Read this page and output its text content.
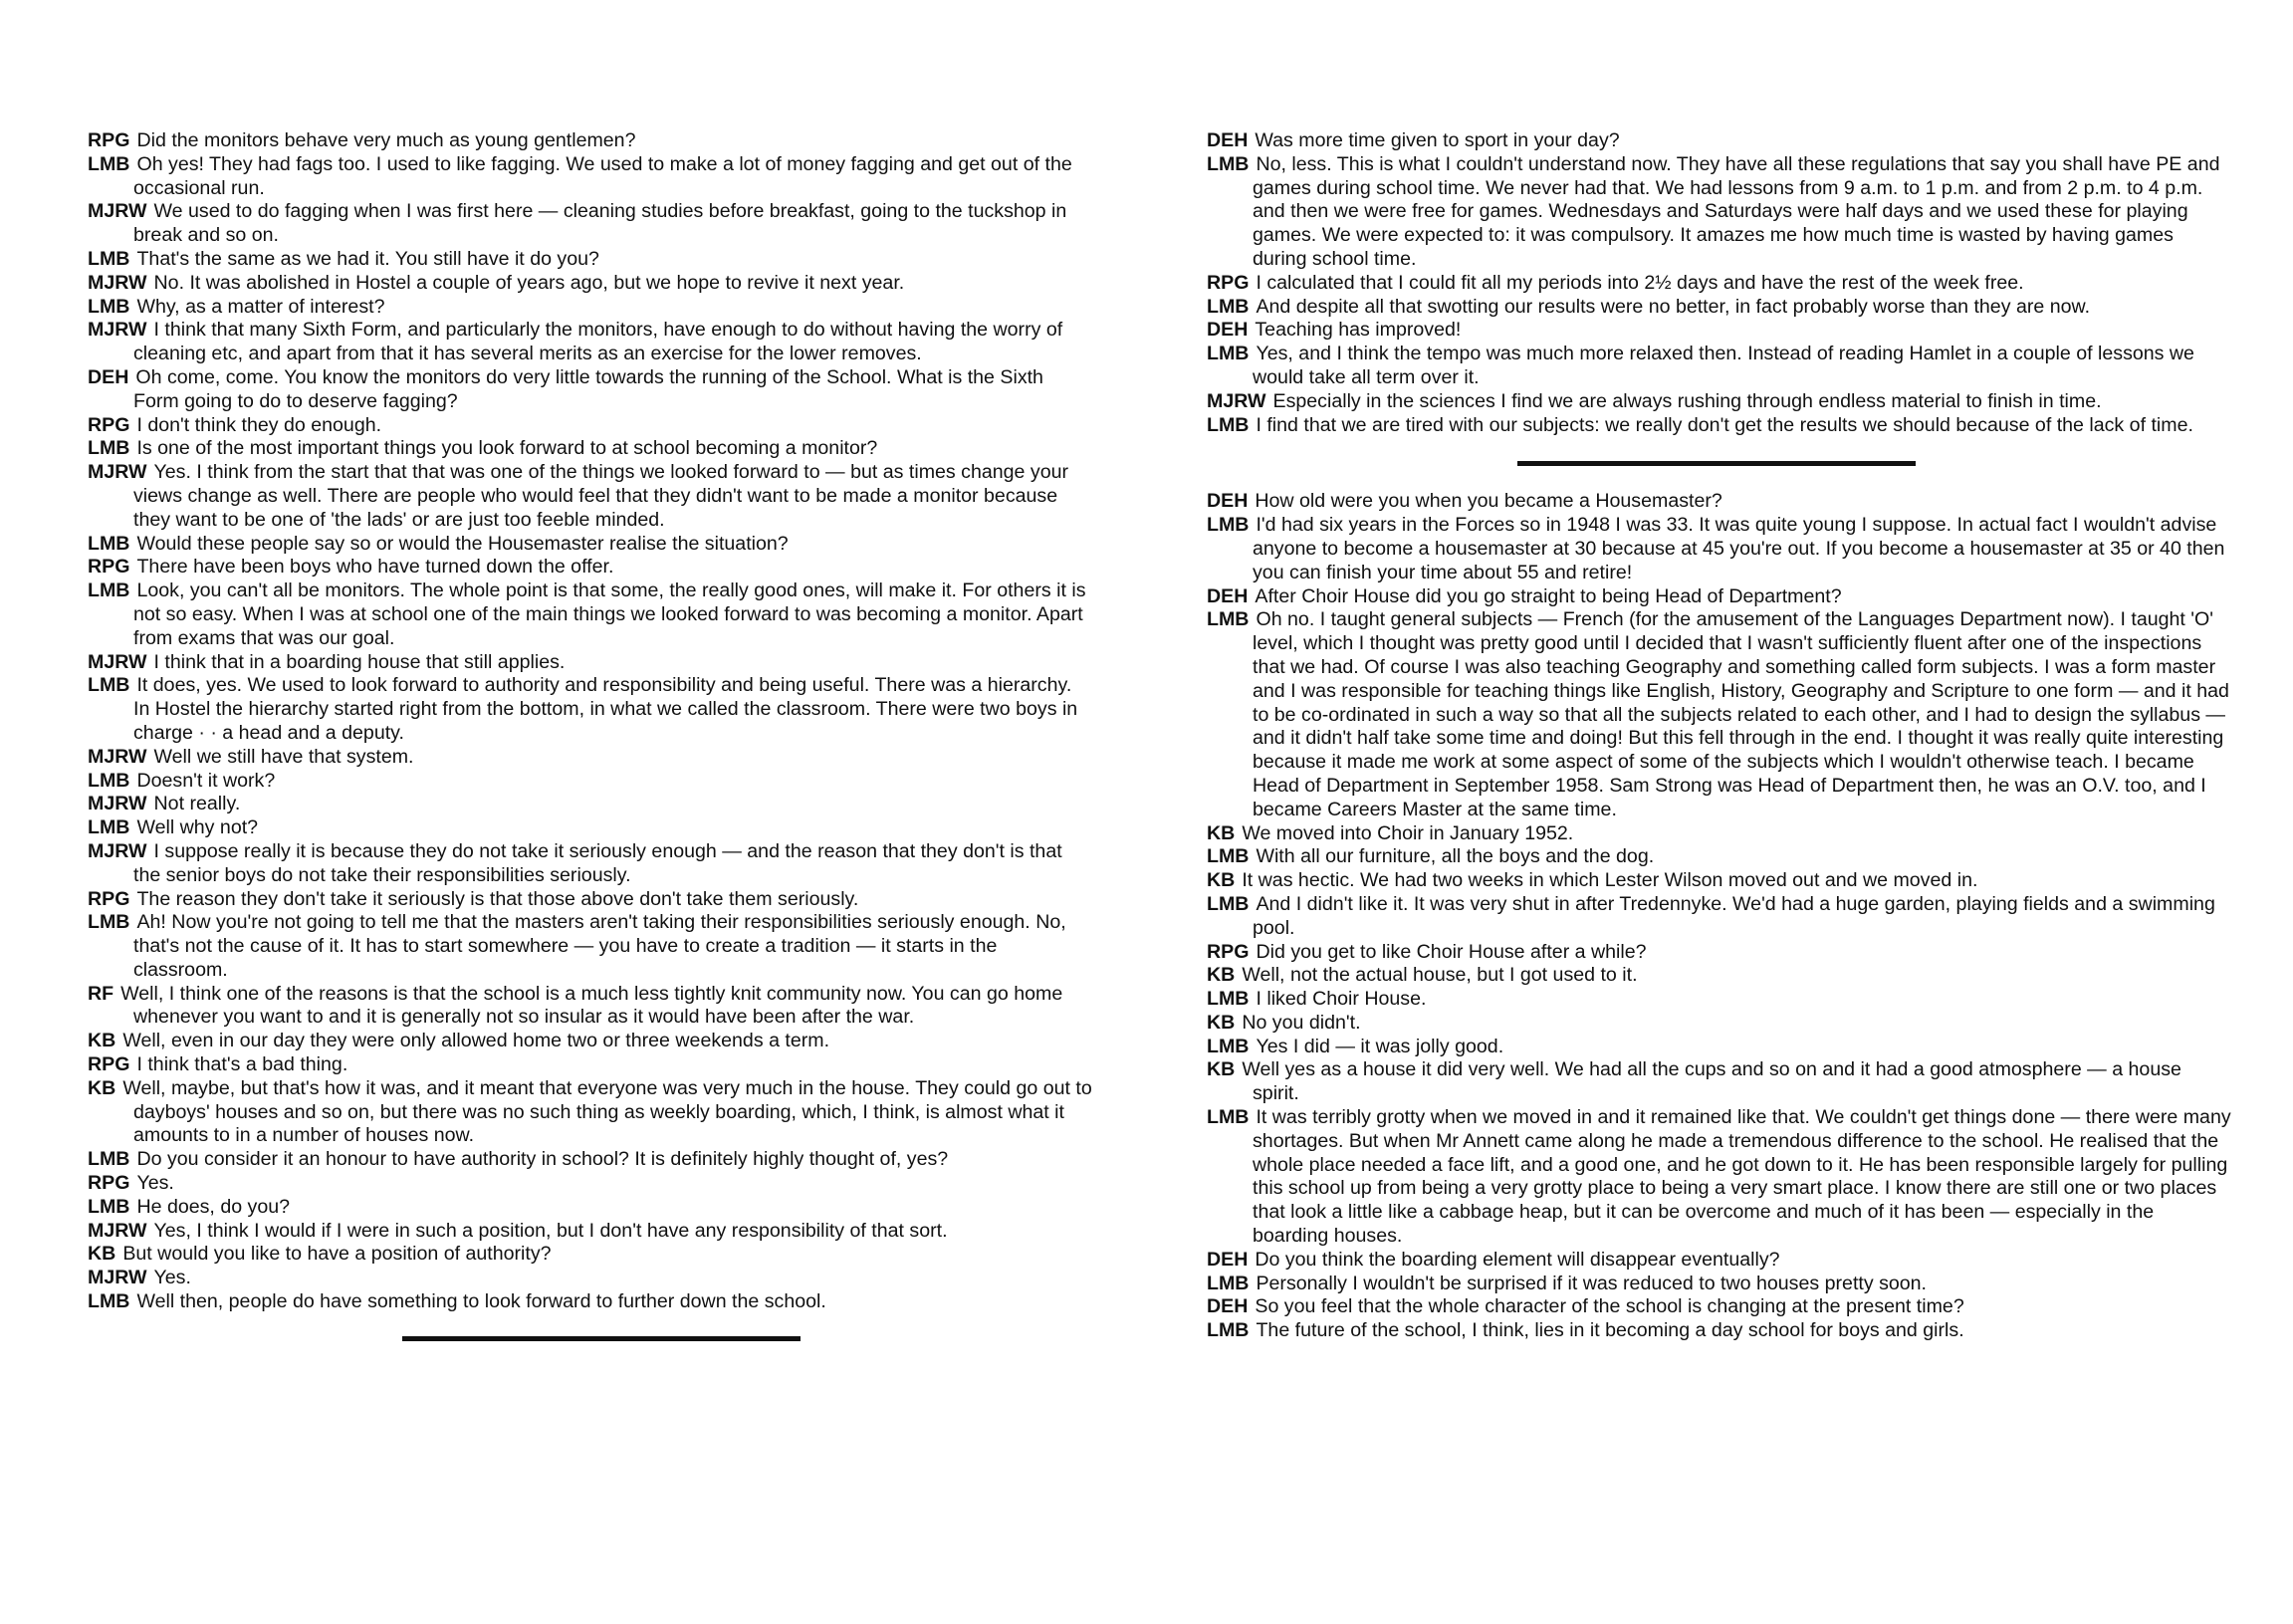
RPG Did the monitors behave very much as young gentlemen?

LMB Oh yes! They had fags too. I used to like fagging. We used to make a lot of money fagging and get out of the occasional run.

MJRW We used to do fagging when I was first here — cleaning studies before breakfast, going to the tuckshop in break and so on.

LMB That's the same as we had it. You still have it do you?

MJRW No. It was abolished in Hostel a couple of years ago, but we hope to revive it next year.

LMB Why, as a matter of interest?

MJRW I think that many Sixth Form, and particularly the monitors, have enough to do without having the worry of cleaning etc, and apart from that it has several merits as an exercise for the lower removes.

DEH Oh come, come. You know the monitors do very little towards the running of the School. What is the Sixth Form going to do to deserve fagging?

RPG I don't think they do enough.

LMB Is one of the most important things you look forward to at school becoming a monitor?

MJRW Yes. I think from the start that that was one of the things we looked forward to — but as times change your views change as well. There are people who would feel that they didn't want to be made a monitor because they want to be one of 'the lads' or are just too feeble minded.

LMB Would these people say so or would the Housemaster realise the situation?

RPG There have been boys who have turned down the offer.

LMB Look, you can't all be monitors. The whole point is that some, the really good ones, will make it. For others it is not so easy. When I was at school one of the main things we looked forward to was becoming a monitor. Apart from exams that was our goal.

MJRW I think that in a boarding house that still applies.

LMB It does, yes. We used to look forward to authority and responsibility and being useful. There was a hierarchy. In Hostel the hierarchy started right from the bottom, in what we called the classroom. There were two boys in charge · · a head and a deputy.

MJRW Well we still have that system.

LMB Doesn't it work?

MJRW Not really.

LMB Well why not?

MJRW I suppose really it is because they do not take it seriously enough — and the reason that they don't is that the senior boys do not take their responsibilities seriously.

RPG The reason they don't take it seriously is that those above don't take them seriously.

LMB Ah! Now you're not going to tell me that the masters aren't taking their responsibilities seriously enough. No, that's not the cause of it. It has to start somewhere — you have to create a tradition — it starts in the classroom.

RF Well, I think one of the reasons is that the school is a much less tightly knit community now. You can go home whenever you want to and it is generally not so insular as it would have been after the war.

KB Well, even in our day they were only allowed home two or three weekends a term.

RPG I think that's a bad thing.

KB Well, maybe, but that's how it was, and it meant that everyone was very much in the house. They could go out to dayboys' houses and so on, but there was no such thing as weekly boarding, which, I think, is almost what it amounts to in a number of houses now.

LMB Do you consider it an honour to have authority in school? It is definitely highly thought of, yes?

RPG Yes.

LMB He does, do you?

MJRW Yes, I think I would if I were in such a position, but I don't have any responsibility of that sort.

KB But would you like to have a position of authority?

MJRW Yes.

LMB Well then, people do have something to look forward to further down the school.

DEH Was more time given to sport in your day?

LMB No, less. This is what I couldn't understand now. They have all these regulations that say you shall have PE and games during school time. We never had that. We had lessons from 9 a.m. to 1 p.m. and from 2 p.m. to 4 p.m. and then we were free for games. Wednesdays and Saturdays were half days and we used these for playing games. We were expected to: it was compulsory. It amazes me how much time is wasted by having games during school time.

RPG I calculated that I could fit all my periods into 2½ days and have the rest of the week free.

LMB And despite all that swotting our results were no better, in fact probably worse than they are now.

DEH Teaching has improved!

LMB Yes, and I think the tempo was much more relaxed then. Instead of reading Hamlet in a couple of lessons we would take all term over it.

MJRW Especially in the sciences I find we are always rushing through endless material to finish in time.

LMB I find that we are tired with our subjects: we really don't get the results we should because of the lack of time.

DEH How old were you when you became a Housemaster?

LMB I'd had six years in the Forces so in 1948 I was 33. It was quite young I suppose. In actual fact I wouldn't advise anyone to become a housemaster at 30 because at 45 you're out. If you become a housemaster at 35 or 40 then you can finish your time about 55 and retire!

DEH After Choir House did you go straight to being Head of Department?

LMB Oh no. I taught general subjects — French (for the amusement of the Languages Department now). I taught 'O' level, which I thought was pretty good until I decided that I wasn't sufficiently fluent after one of the inspections that we had. Of course I was also teaching Geography and something called form subjects. I was a form master and I was responsible for teaching things like English, History, Geography and Scripture to one form — and it had to be co-ordinated in such a way so that all the subjects related to each other, and I had to design the syllabus — and it didn't half take some time and doing! But this fell through in the end. I thought it was really quite interesting because it made me work at some aspect of some of the subjects which I wouldn't otherwise teach. I became Head of Department in September 1958. Sam Strong was Head of Department then, he was an O.V. too, and I became Careers Master at the same time.

KB We moved into Choir in January 1952.

LMB With all our furniture, all the boys and the dog.

KB It was hectic. We had two weeks in which Lester Wilson moved out and we moved in.

LMB And I didn't like it. It was very shut in after Tredennyke. We'd had a huge garden, playing fields and a swimming pool.

RPG Did you get to like Choir House after a while?

KB Well, not the actual house, but I got used to it.

LMB I liked Choir House.

KB No you didn't.

LMB Yes I did — it was jolly good.

KB Well yes as a house it did very well. We had all the cups and so on and it had a good atmosphere — a house spirit.

LMB It was terribly grotty when we moved in and it remained like that. We couldn't get things done — there were many shortages. But when Mr Annett came along he made a tremendous difference to the school. He realised that the whole place needed a face lift, and a good one, and he got down to it. He has been responsible largely for pulling this school up from being a very grotty place to being a very smart place. I know there are still one or two places that look a little like a cabbage heap, but it can be overcome and much of it has been — especially in the boarding houses.

DEH Do you think the boarding element will disappear eventually?

LMB Personally I wouldn't be surprised if it was reduced to two houses pretty soon.

DEH So you feel that the whole character of the school is changing at the present time?

LMB The future of the school, I think, lies in it becoming a day school for boys and girls.
